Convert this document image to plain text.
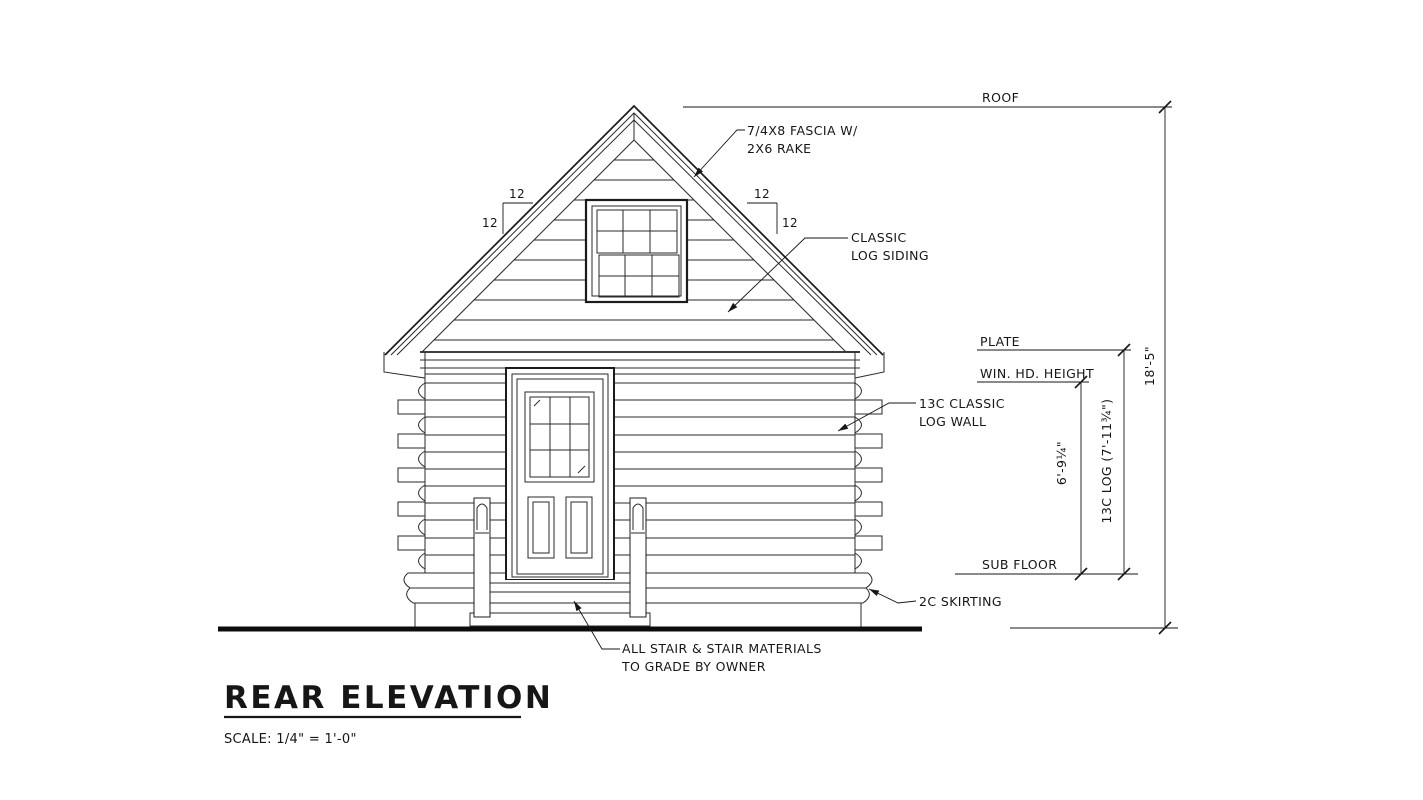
ROOF
18'-5"
PLATE
WIN. HD. HEIGHT
6'-9¼" 13C LOG (7'-11¾")
SUB FLOOR
12
12
12
12
7/4X8 FASCIA W/
2X6 RAKE
CLASSIC
LOG SIDING
13C CLASSIC
LOG WALL
2C SKIRTING
ALL STAIR & STAIR MATERIALS
TO GRADE BY OWNER
REAR ELEVATION
SCALE: 1/4" = 1'-0"
